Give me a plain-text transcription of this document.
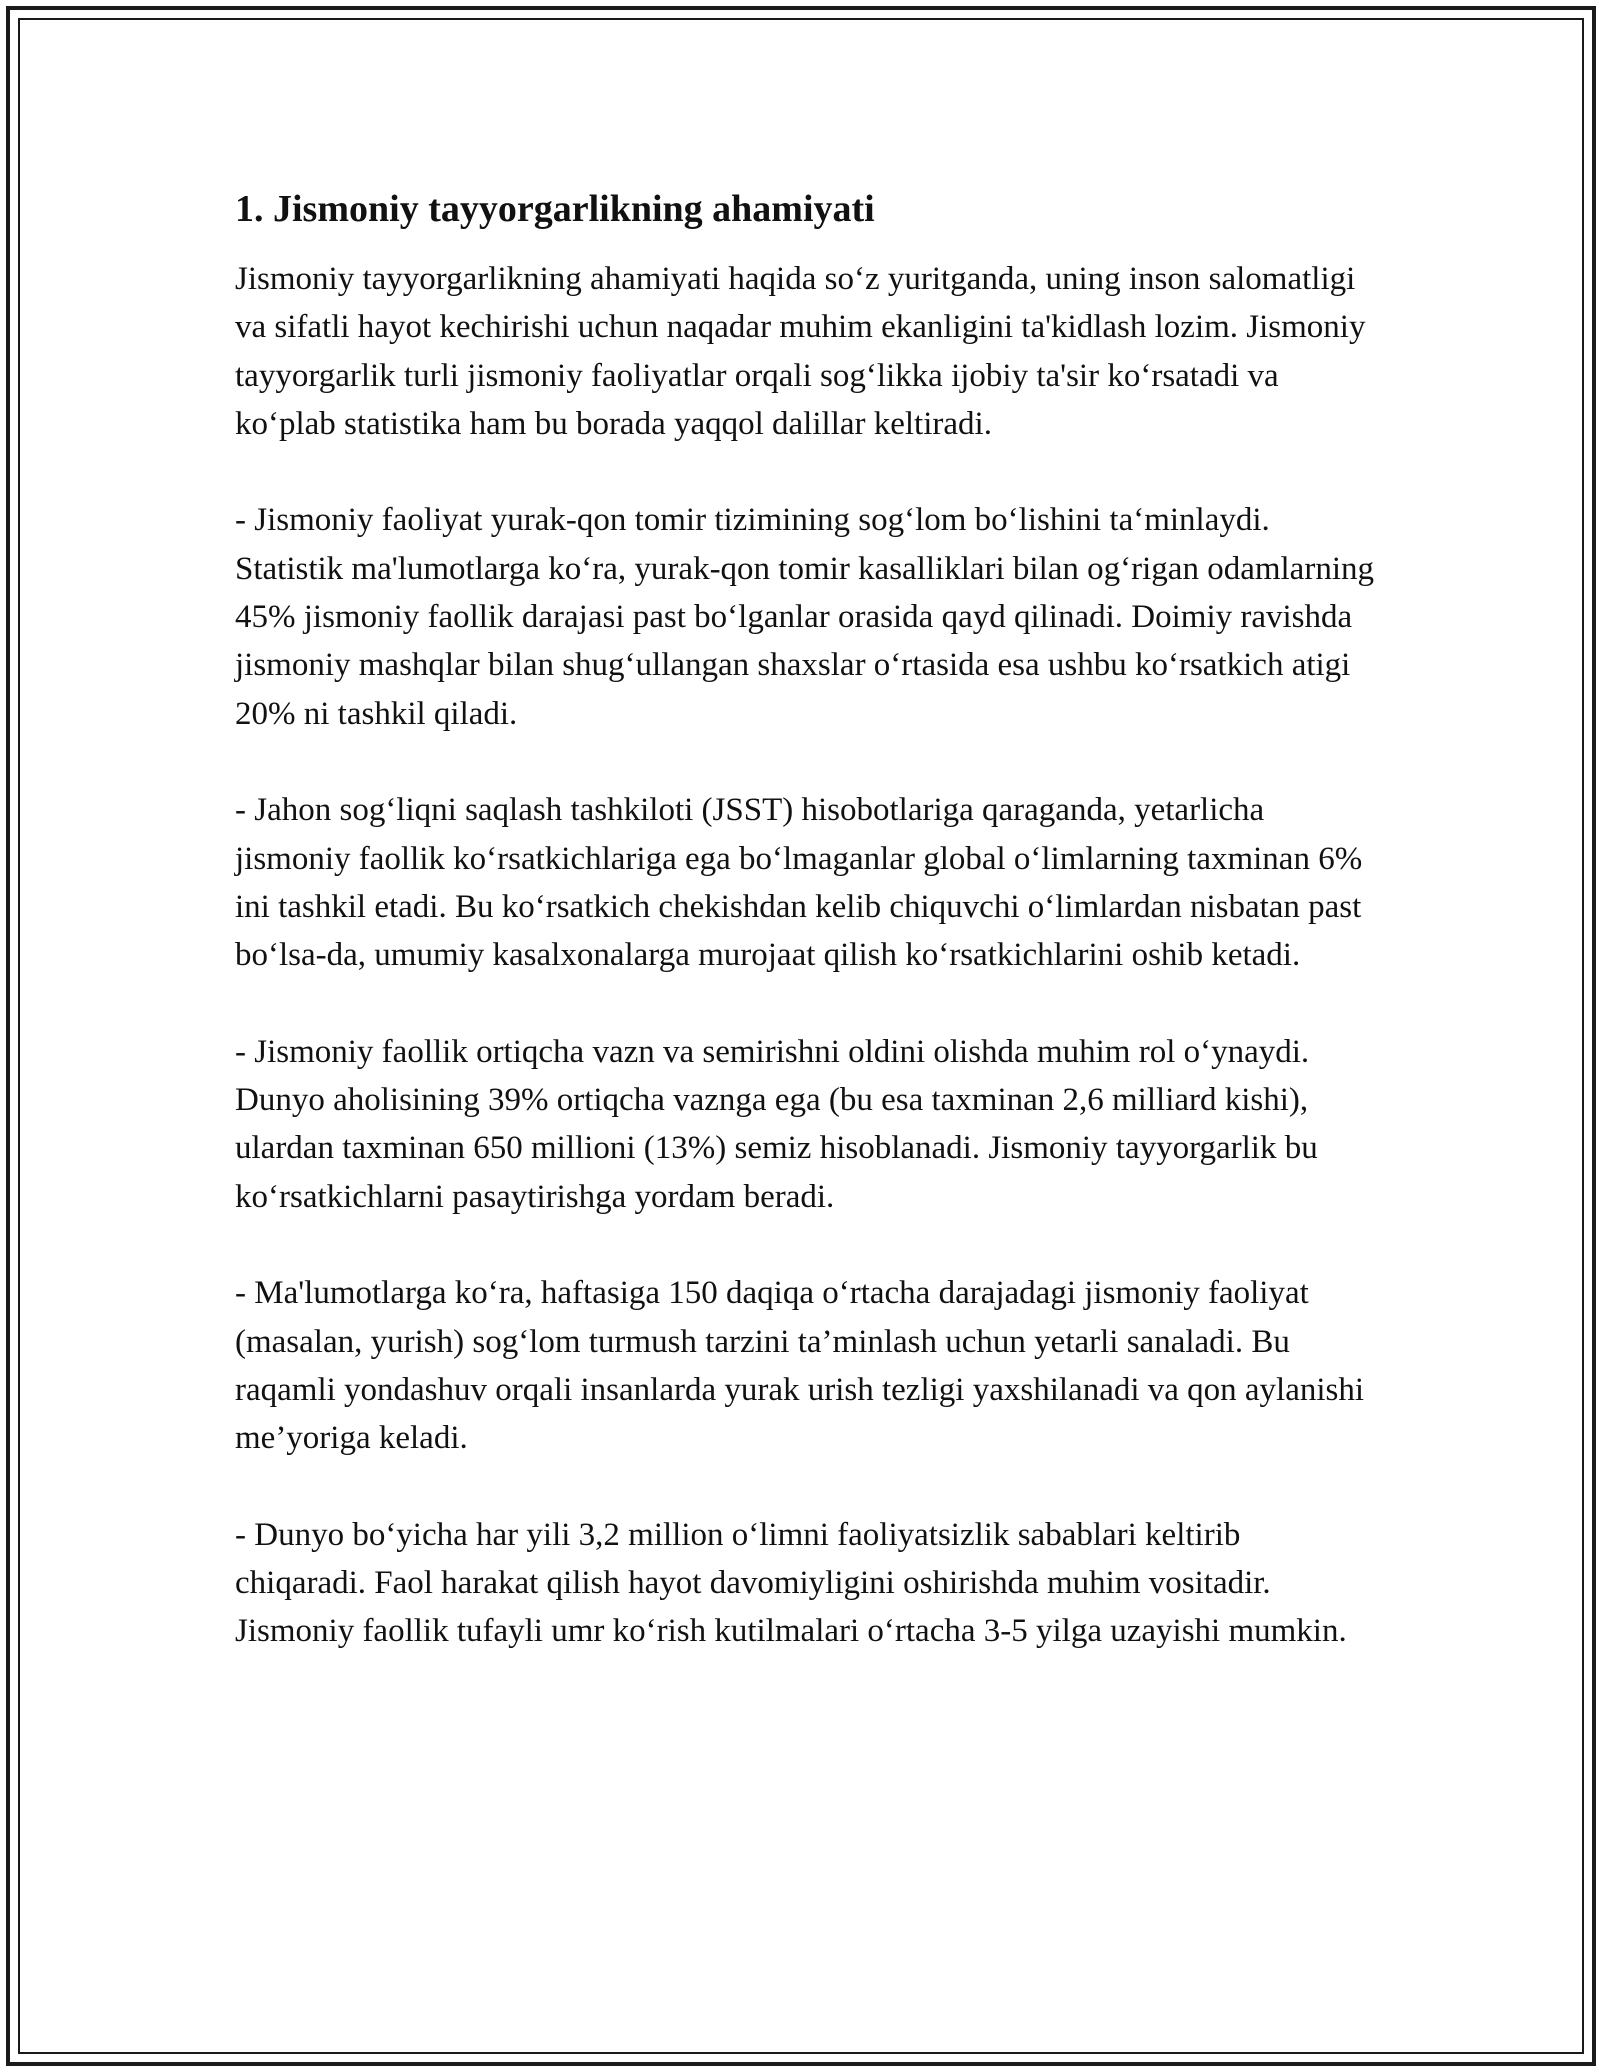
1. Jismoniy tayyorgarlikning ahamiyati

Jismoniy tayyorgarlikning ahamiyati haqida soʻz yuritganda, uning inson salomatligi va sifatli hayot kechirishi uchun naqadar muhim ekanligini ta'kidlash lozim. Jismoniy tayyorgarlik turli jismoniy faoliyatlar orqali sogʻlikka ijobiy ta'sir koʻrsatadi va koʻplab statistika ham bu borada yaqqol dalillar keltiradi.

- Jismoniy faoliyat yurak-qon tomir tizimining sogʻlom boʻlishini taʻminlaydi. Statistik ma'lumotlarga koʻra, yurak-qon tomir kasalliklari bilan ogʻrigan odamlarning 45% jismoniy faollik darajasi past boʻlganlar orasida qayd qilinadi. Doimiy ravishda jismoniy mashqlar bilan shugʻullangan shaxslar oʻrtasida esa ushbu koʻrsatkich atigi 20% ni tashkil qiladi.

- Jahon sogʻliqni saqlash tashkiloti (JSST) hisobotlariga qaraganda, yetarlicha jismoniy faollik koʻrsatkichlariga ega boʻlmaganlar global oʻlimlarning taxminan 6% ini tashkil etadi. Bu koʻrsatkich chekishdan kelib chiquvchi oʻlimlardan nisbatan past boʻlsa-da, umumiy kasalxonalarga murojaat qilish koʻrsatkichlarini oshib ketadi.

- Jismoniy faollik ortiqcha vazn va semirishni oldini olishda muhim rol oʻynaydi. Dunyo aholisining 39% ortiqcha vaznga ega (bu esa taxminan 2,6 milliard kishi), ulardan taxminan 650 millioni (13%) semiz hisoblanadi. Jismoniy tayyorgarlik bu koʻrsatkichlarni pasaytirishga yordam beradi.

- Ma'lumotlarga koʻra, haftasiga 150 daqiqa oʻrtacha darajadagi jismoniy faoliyat (masalan, yurish) sogʻlom turmush tarzini ta’minlash uchun yetarli sanaladi. Bu raqamli yondashuv orqali insanlarda yurak urish tezligi yaxshilanadi va qon aylanishi me’yoriga keladi.

- Dunyo boʻyicha har yili 3,2 million oʻlimni faoliyatsizlik sabablari keltirib chiqaradi. Faol harakat qilish hayot davomiyligini oshirishda muhim vositadir. Jismoniy faollik tufayli umr koʻrish kutilmalari oʻrtacha 3-5 yilga uzayishi mumkin.
